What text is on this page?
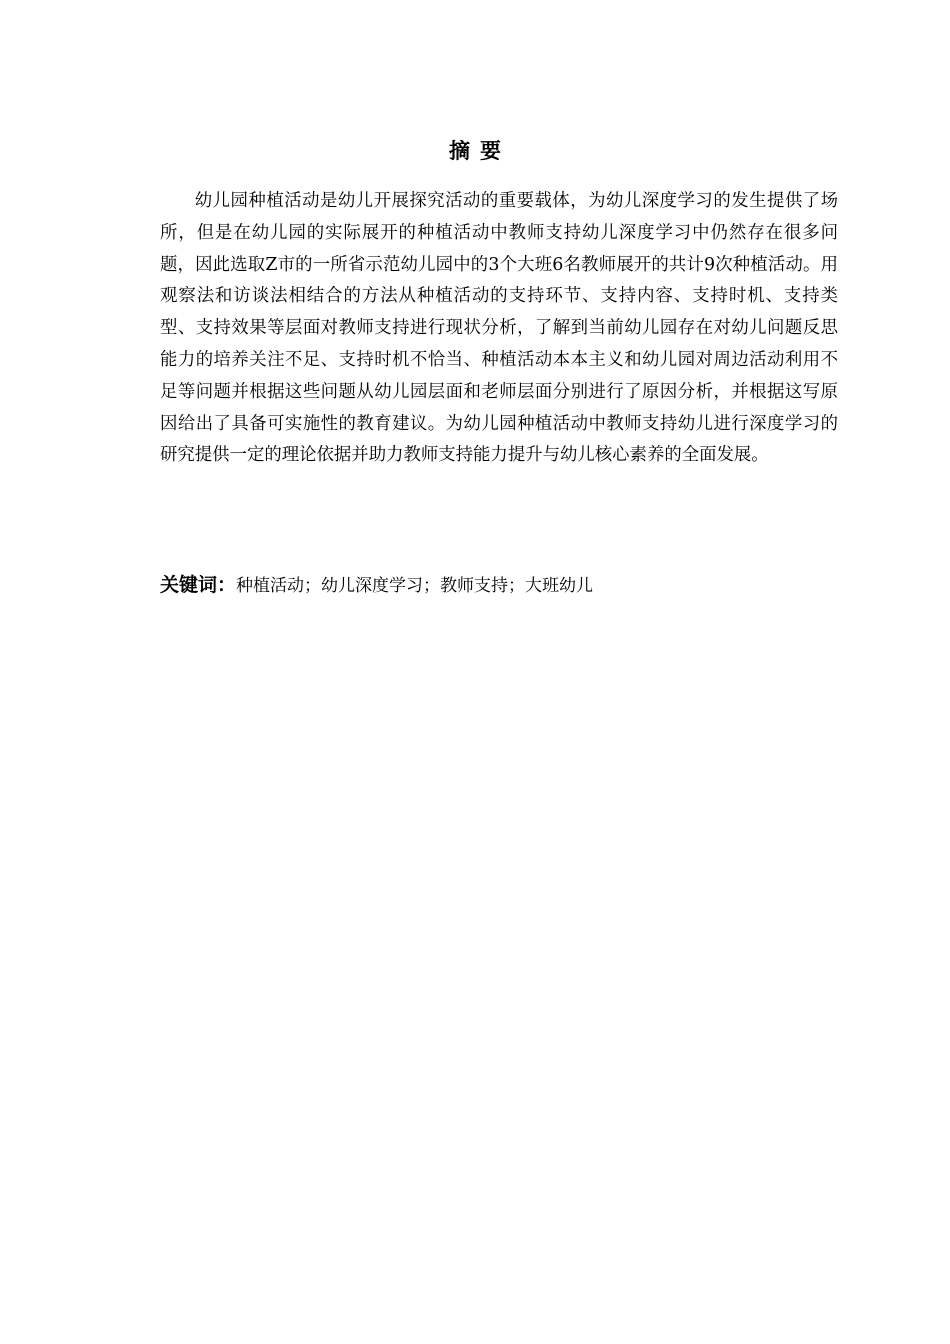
摘要

幼儿园种植活动是幼儿开展探究活动的重要载体，为幼儿深度学习的发生提供了场所，但是在幼儿园的实际展开的种植活动中教师支持幼儿深度学习中仍然存在很多问题，因此选取Z市的一所省示范幼儿园中的3个大班6名教师展开的共计9次种植活动。用观察法和访谈法相结合的方法从种植活动的支持环节、支持内容、支持时机、支持类型、支持效果等层面对教师支持进行现状分析，了解到当前幼儿园存在对幼儿问题反思能力的培养关注不足、支持时机不恰当、种植活动本本主义和幼儿园对周边活动利用不足等问题并根据这些问题从幼儿园层面和老师层面分别进行了原因分析，并根据这写原因给出了具备可实施性的教育建议。为幼儿园种植活动中教师支持幼儿进行深度学习的研究提供一定的理论依据并助力教师支持能力提升与幼儿核心素养的全面发展。

关键词：种植活动；幼儿深度学习；教师支持；大班幼儿
